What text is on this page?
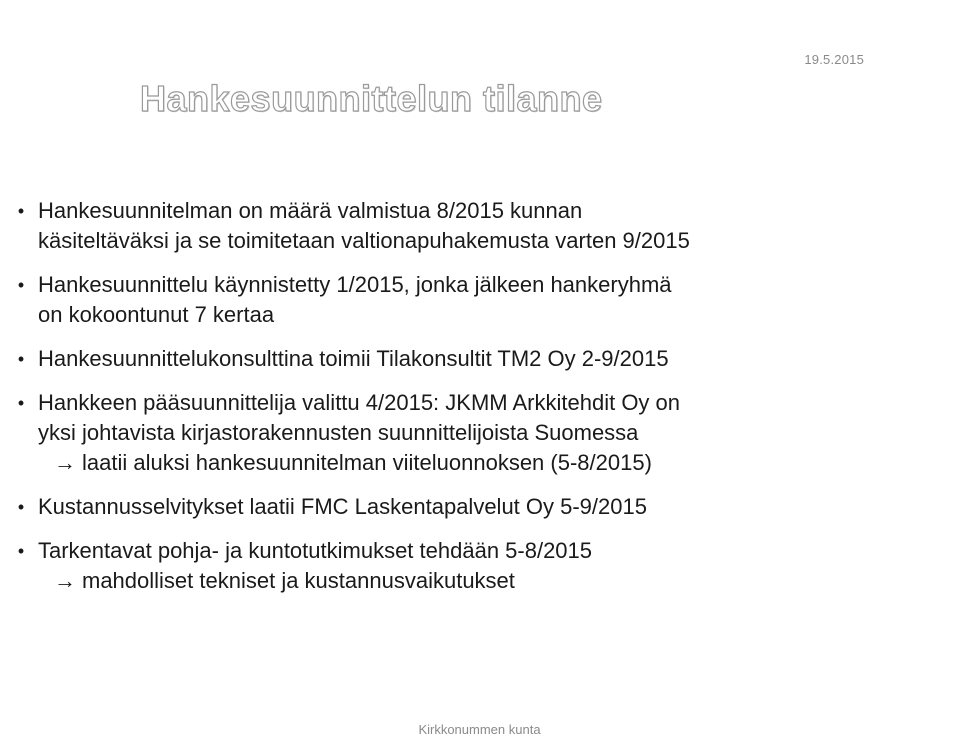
19.5.2015
Hankesuunnittelun tilanne
• Hankesuunnitelman on määrä valmistua 8/2015 kunnan
käsiteltäväksi ja se toimitetaan valtionapuhakemusta varten 9/2015
• Hankesuunnittelu käynnistetty 1/2015, jonka jälkeen hankeryhmä
on kokoontunut 7 kertaa
• Hankesuunnittelukonsulttina toimii Tilakonsultit TM2 Oy 2-9/2015
• Hankkeen pääsuunnittelija valittu 4/2015: JKMM Arkkitehdit Oy on
yksi johtavista kirjastorakennusten suunnittelijoista Suomessa
→ laatii aluksi hankesuunnitelman viiteluonnoksen (5-8/2015)
• Kustannusselvitykset laatii FMC Laskentapalvelut Oy 5-9/2015
• Tarkentavat pohja- ja kuntotutkimukset tehdään 5-8/2015
→ mahdolliset tekniset ja kustannusvaikutukset
Kirkkonummen kunta
